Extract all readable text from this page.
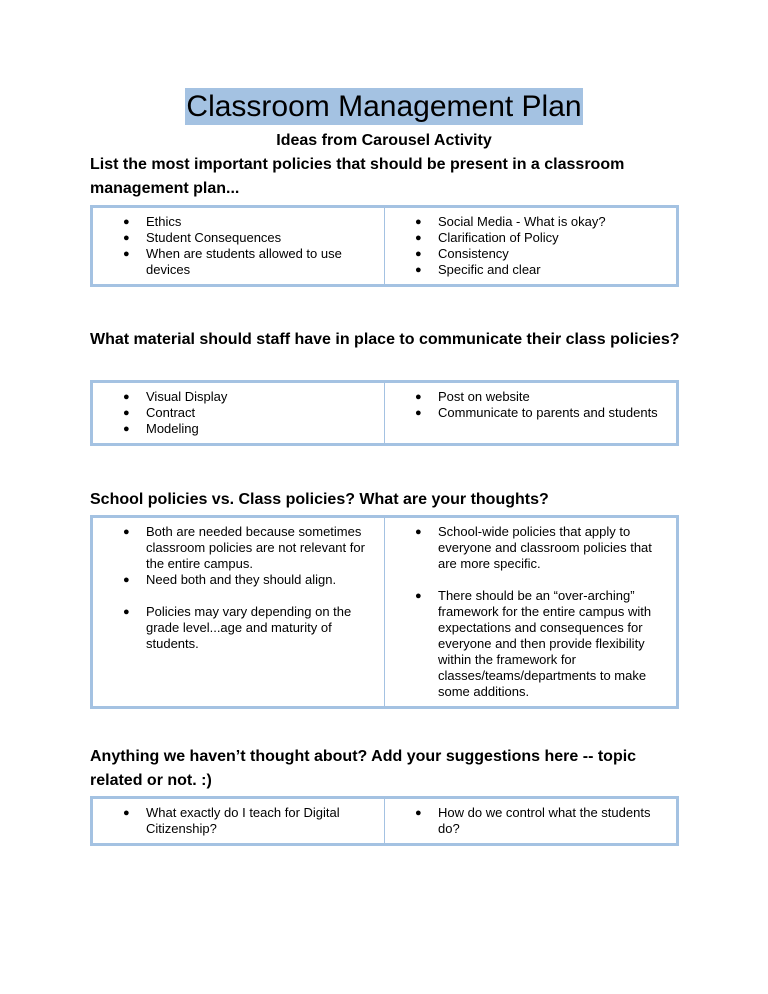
Classroom Management Plan
Ideas from Carousel Activity
List the most important policies that should be present in a classroom management plan...
● Ethics
● Student Consequences
● When are students allowed to use devices

● Social Media - What is okay?
● Clarification of Policy
● Consistency
● Specific and clear
What material should staff have in place to communicate their class policies?
● Visual Display
● Contract
● Modeling

● Post on website
● Communicate to parents and students
School policies vs. Class policies? What are your thoughts?
● Both are needed because sometimes classroom policies are not relevant for the entire campus.
● Need both and they should align.
● Policies may vary depending on the grade level...age and maturity of students.

● School-wide policies that apply to everyone and classroom policies that are more specific.
● There should be an “over-arching” framework for the entire campus with expectations and consequences for everyone and then provide flexibility within the framework for classes/teams/departments to make some additions.
Anything we haven’t thought about? Add your suggestions here -- topic related or not. :)
● What exactly do I teach for Digital Citizenship?

● How do we control what the students do?
